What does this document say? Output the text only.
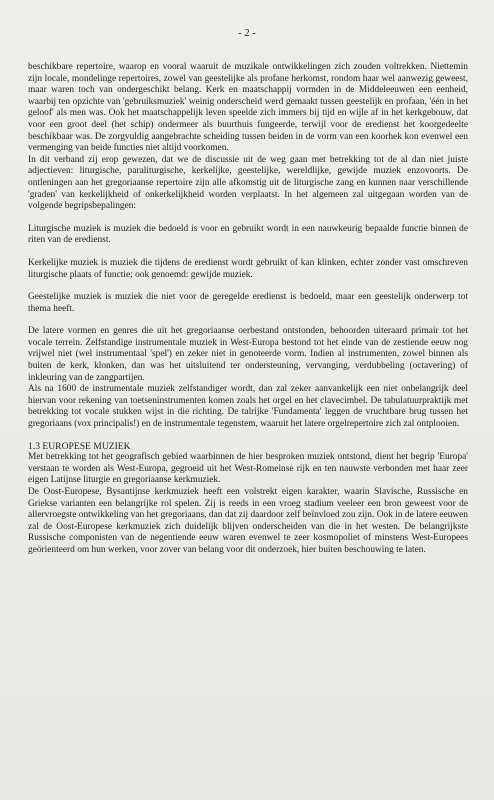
- 2 -

beschikbare repertoire, waarop en vooral waaruit de muzikale ontwikkelingen zich zouden voltrekken. Niettemin zijn locale, mondelinge repertoires, zowel van geestelijke als profane herkomst, rondom haar wel aanwezig geweest, maar waren toch van ondergeschikt belang. Kerk en maatschappij vormden in de Middeleeuwen een eenheid, waarbij ten opzichte van 'gebruiksmuziek' weinig onderscheid werd gemaakt tussen geestelijk en profaan, 'één in het geloof' als men was. Ook het maatschappelijk leven speelde zich immers bij tijd en wijle af in het kerkgebouw, dat voor een groot deel (het schip) ondermeer als buurthuis fungeerde, terwijl voor de eredienst het koorgedeelte beschikbaar was. De zorgvuldig aangebrachte scheiding tussen beiden in de vorm van een koorhek kon evenwel een vermenging van beide functies niet altijd voorkomen.

In dit verband zij erop gewezen, dat we de discussie uit de weg gaan met betrekking tot de al dan niet juiste adjectieven: liturgische, paraliturgische, kerkelijke, geestelijke, wereldlijke, gewijde muziek enzovoorts. De ontleningen aan het gregoriaanse repertoire zijn alle afkomstig uit de liturgische zang en kunnen naar verschillende 'graden' van kerkelijkheid of onkerkelijkheid worden verplaatst. In het algemeen zal uitgegaan worden van de volgende begripsbepalingen:

Liturgische muziek is muziek die bedoeld is voor en gebruikt wordt in een nauwkeurig bepaalde functie binnen de riten van de eredienst.

Kerkelijke muziek is muziek die tijdens de eredienst wordt gebruikt of kan klinken, echter zonder vast omschreven liturgische plaats of functie; ook genoemd: gewijde muziek.

Geestelijke muziek is muziek die niet voor de geregelde eredienst is bedoeld, maar een geestelijk onderwerp tot thema heeft.

De latere vormen en genres die uit het gregoriaanse oerbestand ontstonden, behoorden uiteraard primair tot het vocale terrein. Zelfstandige instrumentale muziek in West-Europa bestond tot het einde van de zestiende eeuw nog vrijwel niet (wel instrumentaal 'spel') en zeker niet in genoteerde vorm. Indien al instrumenten, zowel binnen als buiten de kerk, klonken, dan was het uitsluitend ter ondersteuning, vervanging, verdubbeling (octavering) of inkleuring van de zangpartijen.

Als na 1600 de instrumentale muziek zelfstandiger wordt, dan zal zeker aanvankelijk een niet onbelangrijk deel hiervan voor rekening van toetseninstrumenten komen zoals het orgel en het clavecimbel. De tabulatuurpraktijk met betrekking tot vocale stukken wijst in die richting. De talrijke 'Fundamenta' leggen de vruchtbare brug tussen het gregoriaans (vox principalis!) en de instrumentale tegenstem, waaruit het latere orgelrepertoire zich zal ontplooien.

1.3 EUROPESE MUZIEK

Met betrekking tot het geografisch gebied waarbinnen de hier besproken muziek ontstond, dient het begrip 'Europa' verstaan te worden als West-Europa, gegroeid uit het West-Romeinse rijk en ten nauwste verbonden met haar zeer eigen Latijnse liturgie en gregoriaanse kerkmuziek.

De Oost-Europese, Bysantijnse kerkmuziek heeft een volstrekt eigen karakter, waarin Slavische, Russische en Griekse varianten een belangrijke rol spelen. Zij is reeds in een vroeg stadium veeleer een bron geweest voor de allervroegste ontwikkeling van het gregoriaans, dan dat zij daardoor zelf beïnvloed zou zijn. Ook in de latere eeuwen zal de Oost-Europese kerkmuziek zich duidelijk blijven onderscheiden van die in het westen. De belangrijkste Russische componisten van de negentiende eeuw waren evenwel te zeer kosmopoliet of minstens West-Europees geörienteerd om hun werken, voor zover van belang voor dit onderzoek, hier buiten beschouwing te laten.
